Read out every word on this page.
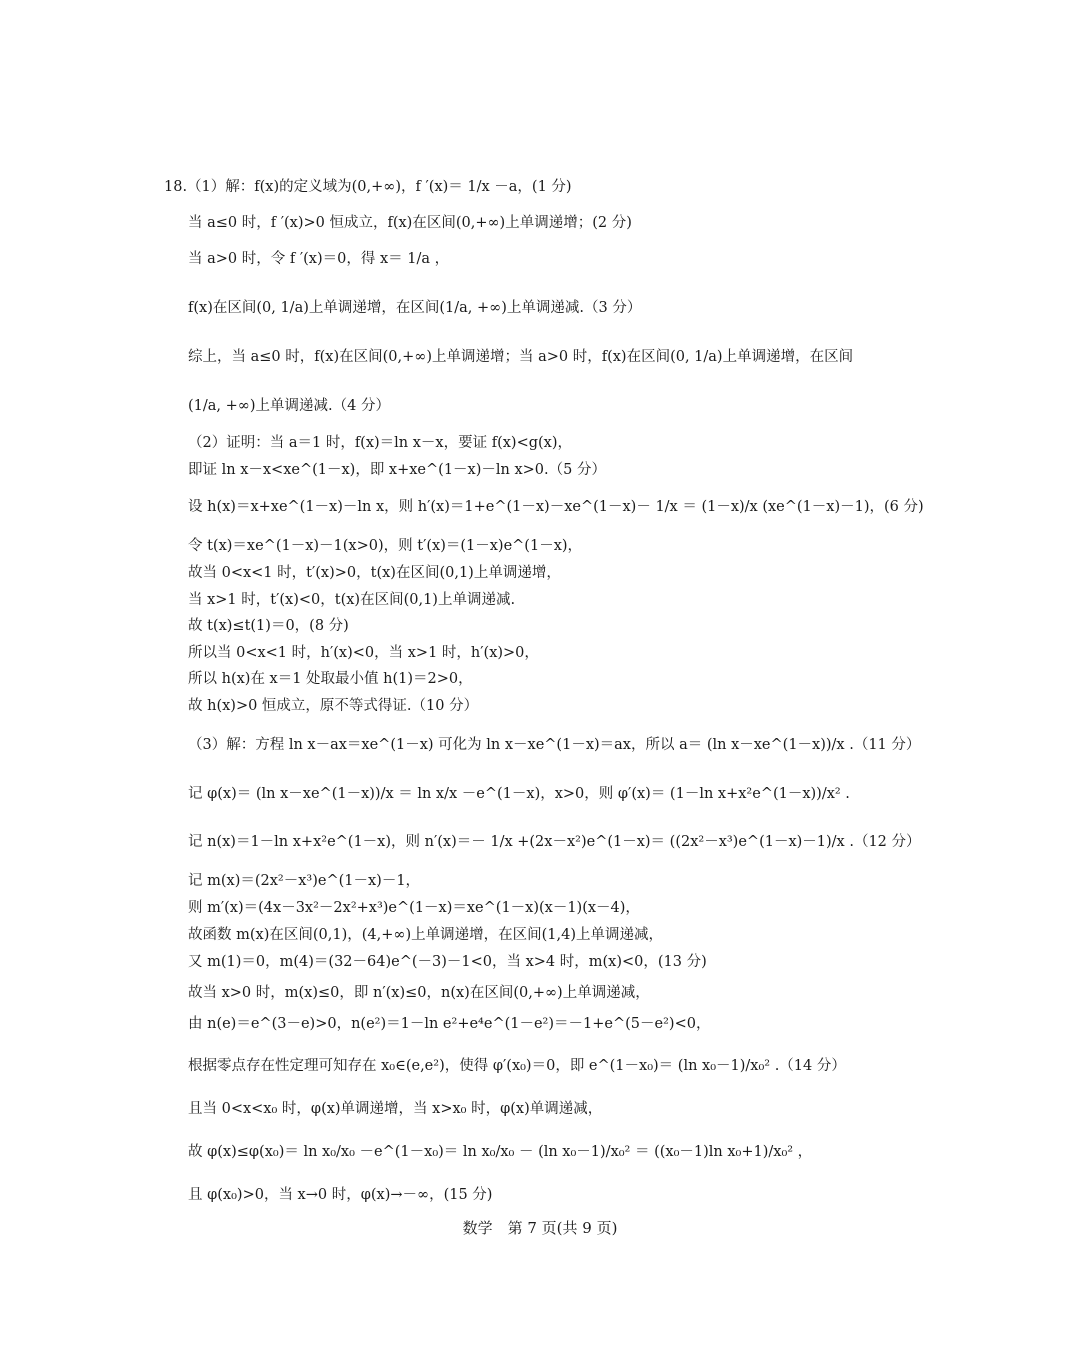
18.（1）解：f(x)的定义域为(0,+∞)，f ′(x)＝ 1/x －a，(1 分)
当 a≤0 时，f ′(x)>0 恒成立，f(x)在区间(0,+∞)上单调递增；(2 分)
当 a>0 时，令 f ′(x)＝0，得 x＝ 1/a ，
f(x)在区间(0, 1/a)上单调递增，在区间(1/a, +∞)上单调递减.（3 分）
综上，当 a≤0 时，f(x)在区间(0,+∞)上单调递增；当 a>0 时，f(x)在区间(0, 1/a)上单调递增，在区间
(1/a, +∞)上单调递减.（4 分）
（2）证明：当 a＝1 时，f(x)＝ln x－x，要证 f(x)<g(x)，
即证 ln x－x<xe^(1－x)，即 x+xe^(1－x)－ln x>0.（5 分）
设 h(x)＝x+xe^(1－x)－ln x，则 h′(x)＝1+e^(1－x)－xe^(1－x)－ 1/x ＝ (1－x)/x (xe^(1－x)－1)，(6 分)
令 t(x)＝xe^(1－x)－1(x>0)，则 t′(x)＝(1－x)e^(1－x)，
故当 0<x<1 时，t′(x)>0，t(x)在区间(0,1)上单调递增，
当 x>1 时，t′(x)<0，t(x)在区间(0,1)上单调递减.
故 t(x)≤t(1)＝0，(8 分)
所以当 0<x<1 时，h′(x)<0，当 x>1 时，h′(x)>0，
所以 h(x)在 x＝1 处取最小值 h(1)＝2>0，
故 h(x)>0 恒成立，原不等式得证.（10 分）
（3）解：方程 ln x－ax＝xe^(1－x) 可化为 ln x－xe^(1－x)＝ax，所以 a＝ (ln x－xe^(1－x))/x .（11 分）
记 φ(x)＝ (ln x－xe^(1－x))/x ＝ ln x/x －e^(1－x)，x>0，则 φ′(x)＝ (1－ln x+x²e^(1－x))/x² .
记 n(x)＝1－ln x+x²e^(1－x)，则 n′(x)＝－ 1/x +(2x－x²)e^(1－x)＝ ((2x²－x³)e^(1－x)－1)/x .（12 分）
记 m(x)＝(2x²－x³)e^(1－x)－1，
则 m′(x)＝(4x－3x²－2x²+x³)e^(1－x)＝xe^(1－x)(x－1)(x－4)，
故函数 m(x)在区间(0,1)，(4,+∞)上单调递增，在区间(1,4)上单调递减，
又 m(1)＝0，m(4)＝(32－64)e^(－3)－1<0，当 x>4 时，m(x)<0，(13 分)
故当 x>0 时，m(x)≤0，即 n′(x)≤0，n(x)在区间(0,+∞)上单调递减，
由 n(e)＝e^(3－e)>0，n(e²)＝1－ln e²+e⁴e^(1－e²)＝－1+e^(5－e²)<0，
根据零点存在性定理可知存在 x₀∈(e,e²)，使得 φ′(x₀)＝0，即 e^(1－x₀)＝ (ln x₀－1)/x₀² .（14 分）
且当 0<x<x₀ 时，φ(x)单调递增，当 x>x₀ 时，φ(x)单调递减，
故 φ(x)≤φ(x₀)＝ ln x₀/x₀ －e^(1－x₀)＝ ln x₀/x₀ － (ln x₀－1)/x₀² ＝ ((x₀－1)ln x₀+1)/x₀² ，
且 φ(x₀)>0，当 x→0 时，φ(x)→－∞，(15 分)
数学　第 7 页(共 9 页)
